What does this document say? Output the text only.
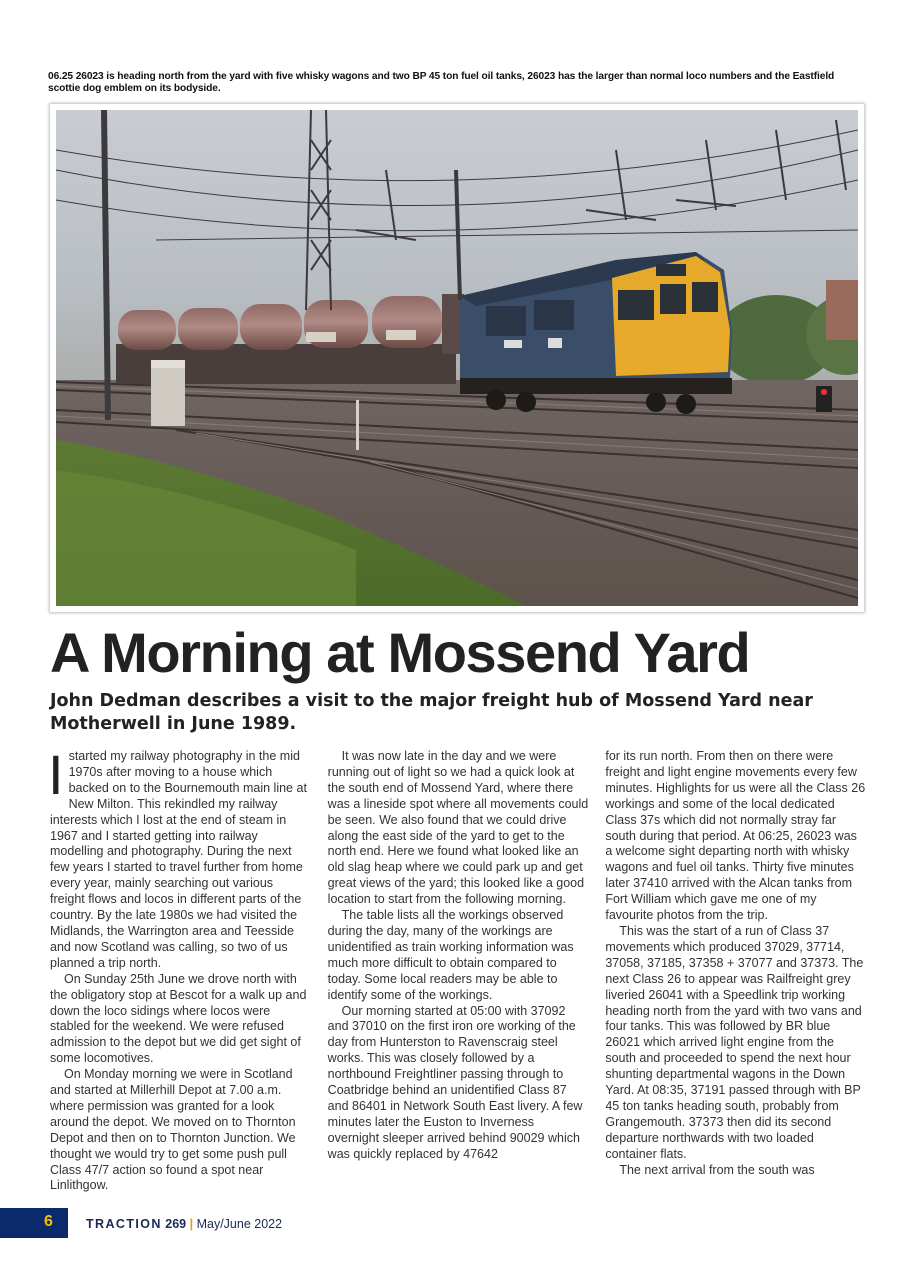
06.25 26023 is heading north from the yard with five whisky wagons and two BP 45 ton fuel oil tanks, 26023 has the larger than normal loco numbers and the Eastfield scottie dog emblem on its bodyside.
A Morning at Mossend Yard

John Dedman describes a visit to the major freight hub of Mossend Yard near Motherwell in June 1989.

Istarted my railway photography in the mid 1970s after moving to a house which backed on to the Bournemouth main line at New Milton. This rekindled my railway interests which I lost at the end of steam in 1967 and I started getting into railway modelling and photography. During the next few years I started to travel further from home every year, mainly searching out various freight flows and locos in different parts of the country. By the late 1980s we had visited the Midlands, the Warrington area and Teesside and now Scotland was calling, so two of us planned a trip north.

On Sunday 25th June we drove north with the obligatory stop at Bescot for a walk up and down the loco sidings where locos were stabled for the weekend. We were refused admission to the depot but we did get sight of some locomotives.

On Monday morning we were in Scotland and started at Millerhill Depot at 7.00 a.m. where permission was granted for a look around the depot. We moved on to Thornton Depot and then on to Thornton Junction. We thought we would try to get some push pull Class 47/7 action so found a spot near Linlithgow.

It was now late in the day and we were running out of light so we had a quick look at the south end of Mossend Yard, where there was a lineside spot where all movements could be seen. We also found that we could drive along the east side of the yard to get to the north end. Here we found what looked like an old slag heap where we could park up and get great views of the yard; this looked like a good location to start from the following morning.

The table lists all the workings observed during the day, many of the workings are unidentified as train working information was much more difficult to obtain compared to today. Some local readers may be able to identify some of the workings.

Our morning started at 05:00 with 37092 and 37010 on the first iron ore working of the day from Hunterston to Ravenscraig steel works. This was closely followed by a northbound Freightliner passing through to Coatbridge behind an unidentified Class 87 and 86401 in Network South East livery. A few minutes later the Euston to Inverness overnight sleeper arrived behind 90029 which was quickly replaced by 47642

for its run north. From then on there were freight and light engine movements every few minutes. Highlights for us were all the Class 26 workings and some of the local dedicated Class 37s which did not normally stray far south during that period. At 06:25, 26023 was a welcome sight departing north with whisky wagons and fuel oil tanks. Thirty five minutes later 37410 arrived with the Alcan tanks from Fort William which gave me one of my favourite photos from the trip.

This was the start of a run of Class 37 movements which produced 37029, 37714, 37058, 37185, 37358 + 37077 and 37373. The next Class 26 to appear was Railfreight grey liveried 26041 with a Speedlink trip working heading north from the yard with two vans and four tanks. This was followed by BR blue 26021 which arrived light engine from the south and proceeded to spend the next hour shunting departmental wagons in the Down Yard. At 08:35, 37191 passed through with BP 45 ton tanks heading south, probably from Grangemouth. 37373 then did its second departure northwards with two loaded container flats.

The next arrival from the south was

6	TRACTION 269 | May/June 2022
